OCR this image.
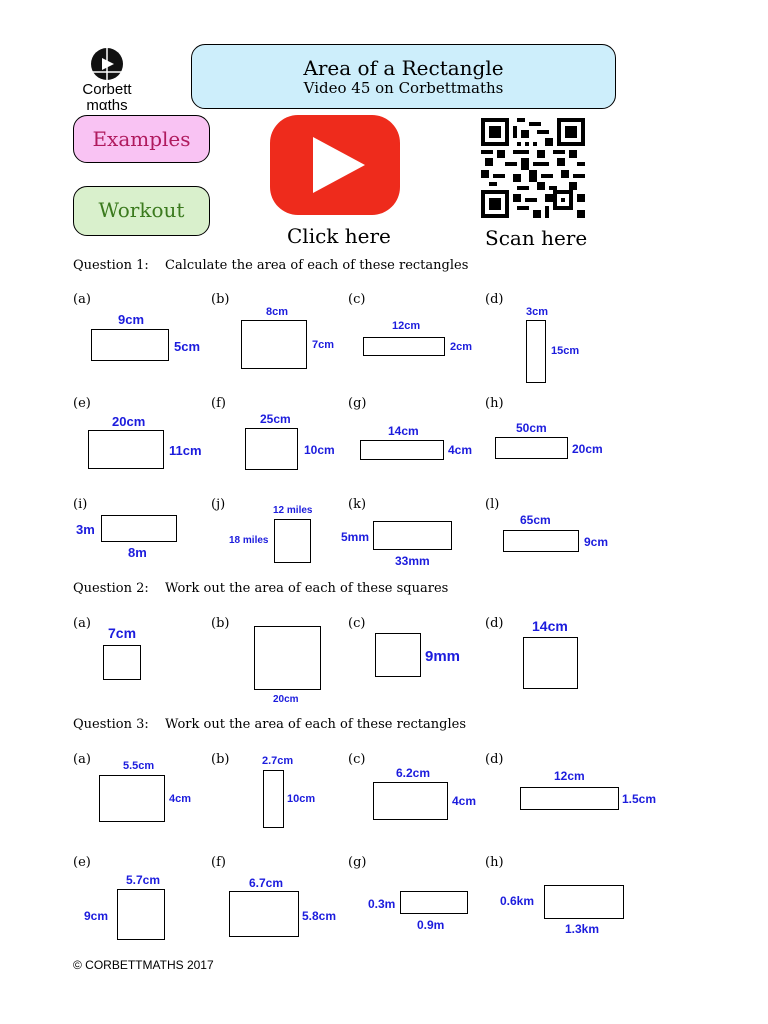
Corbett
mαths
Area of a Rectangle
Video 45 on Corbettmaths
Examples
Workout
Click here	Scan here
Question 1: Calculate the area of each of these rectangles
(a)
9cm
5cm
(b)
8cm
7cm
(c)
12cm
2cm
(d)
3cm
15cm
(e)
20cm
11cm
(f)
25cm
10cm
(g)
14cm
4cm
(h)
50cm
20cm
(i)
3m
8m
(j)	12 miles
18 miles
(k)
5mm
33mm
(l)
65cm
9cm
Question 2: Work out the area of each of these squares
(a)
7cm
(b)
20cm
(c)
9mm
(d) 14cm
Question 3: Work out the area of each of these rectangles
(a)	5.5cm
4cm
(b)	2.7cm
10cm
(c)
6.2cm
4cm
(d)
12cm
1.5cm
(e)
5.7cm
9cm
(f)
6.7cm
5.8cm
(g)
0.3m
0.9m
(h)
0.6km
1.3km
© CORBETTMATHS 2017
